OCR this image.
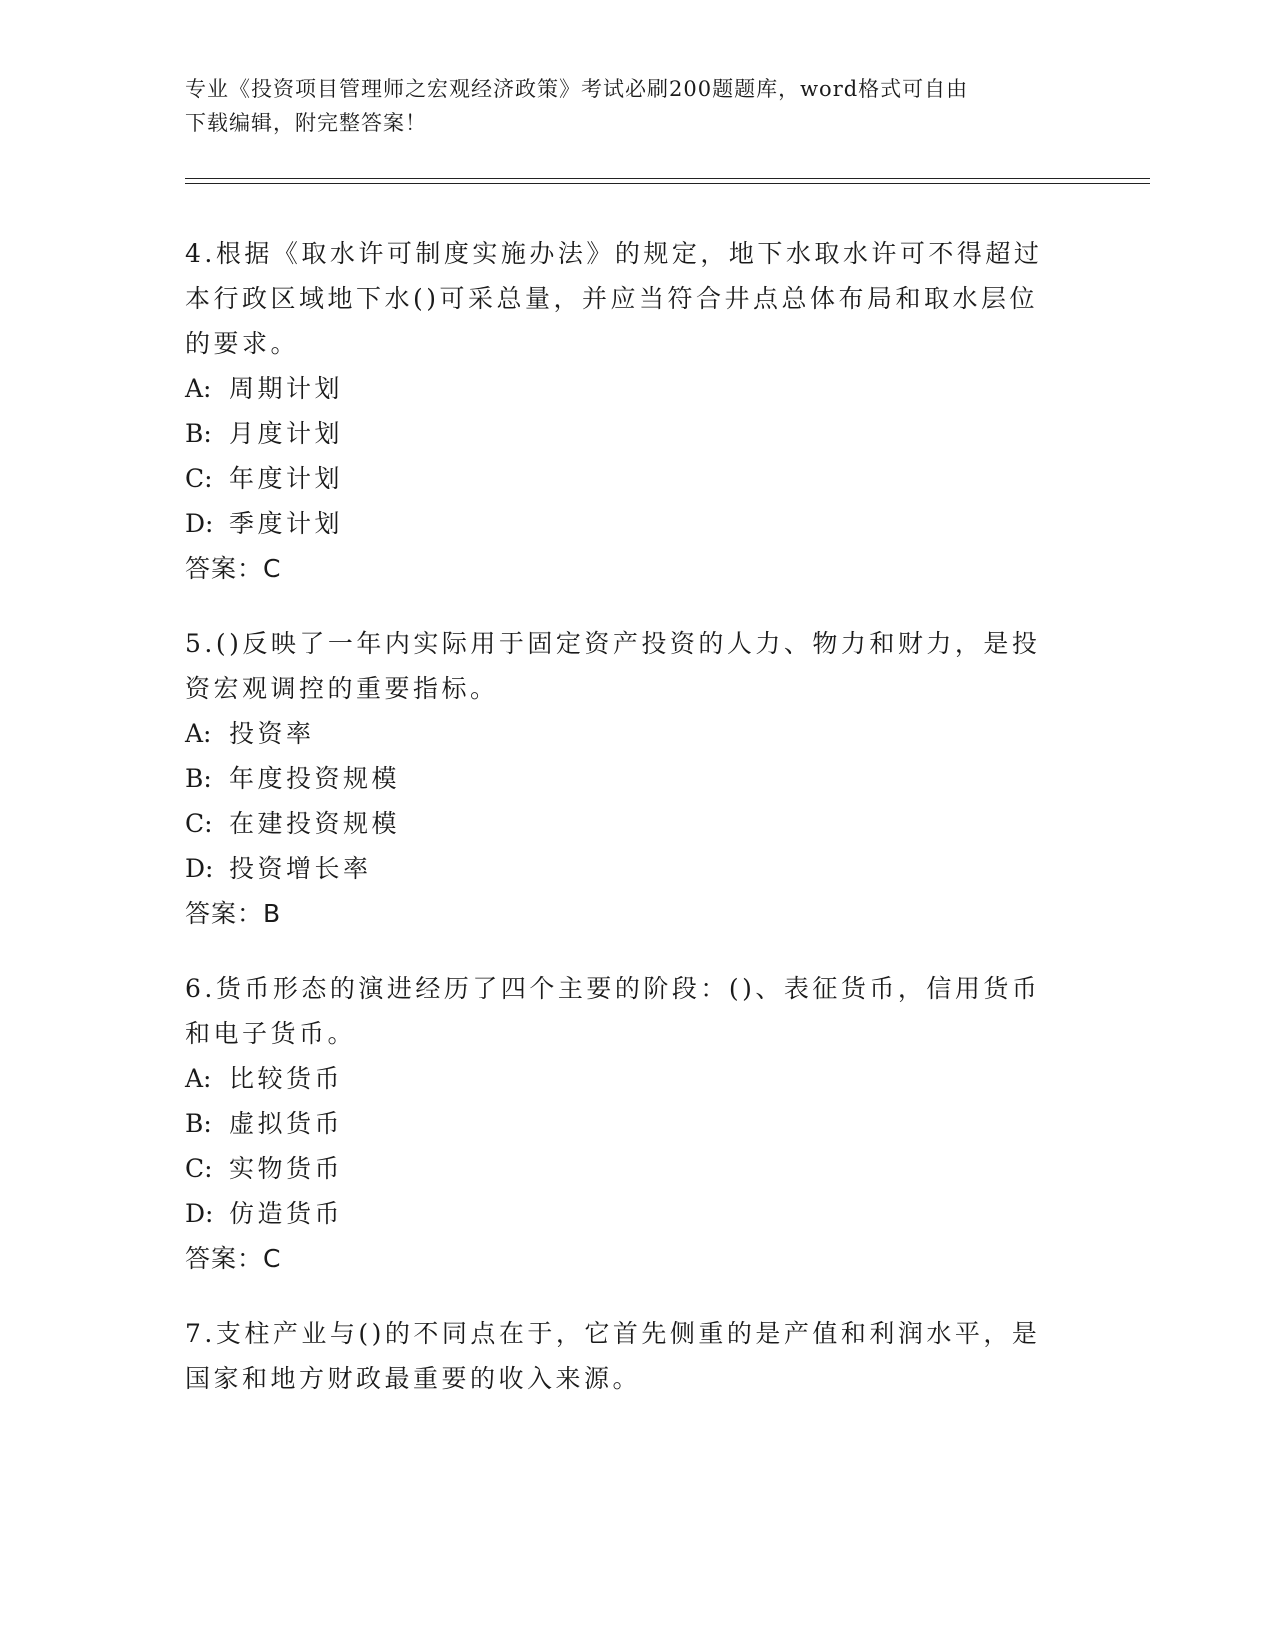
专业《投资项目管理师之宏观经济政策》考试必刷200题题库，word格式可自由
下载编辑，附完整答案！
4.根据《取水许可制度实施办法》的规定，地下水取水许可不得超过本行政区域地下水()可采总量，并应当符合井点总体布局和取水层位的要求。
A: 周期计划
B: 月度计划
C: 年度计划
D: 季度计划
答案：C
5.()反映了一年内实际用于固定资产投资的人力、物力和财力，是投资宏观调控的重要指标。
A: 投资率
B: 年度投资规模
C: 在建投资规模
D: 投资增长率
答案：B
6.货币形态的演进经历了四个主要的阶段：()、表征货币，信用货币和电子货币。
A: 比较货币
B: 虚拟货币
C: 实物货币
D: 仿造货币
答案：C
7.支柱产业与()的不同点在于，它首先侧重的是产值和利润水平，是国家和地方财政最重要的收入来源。
